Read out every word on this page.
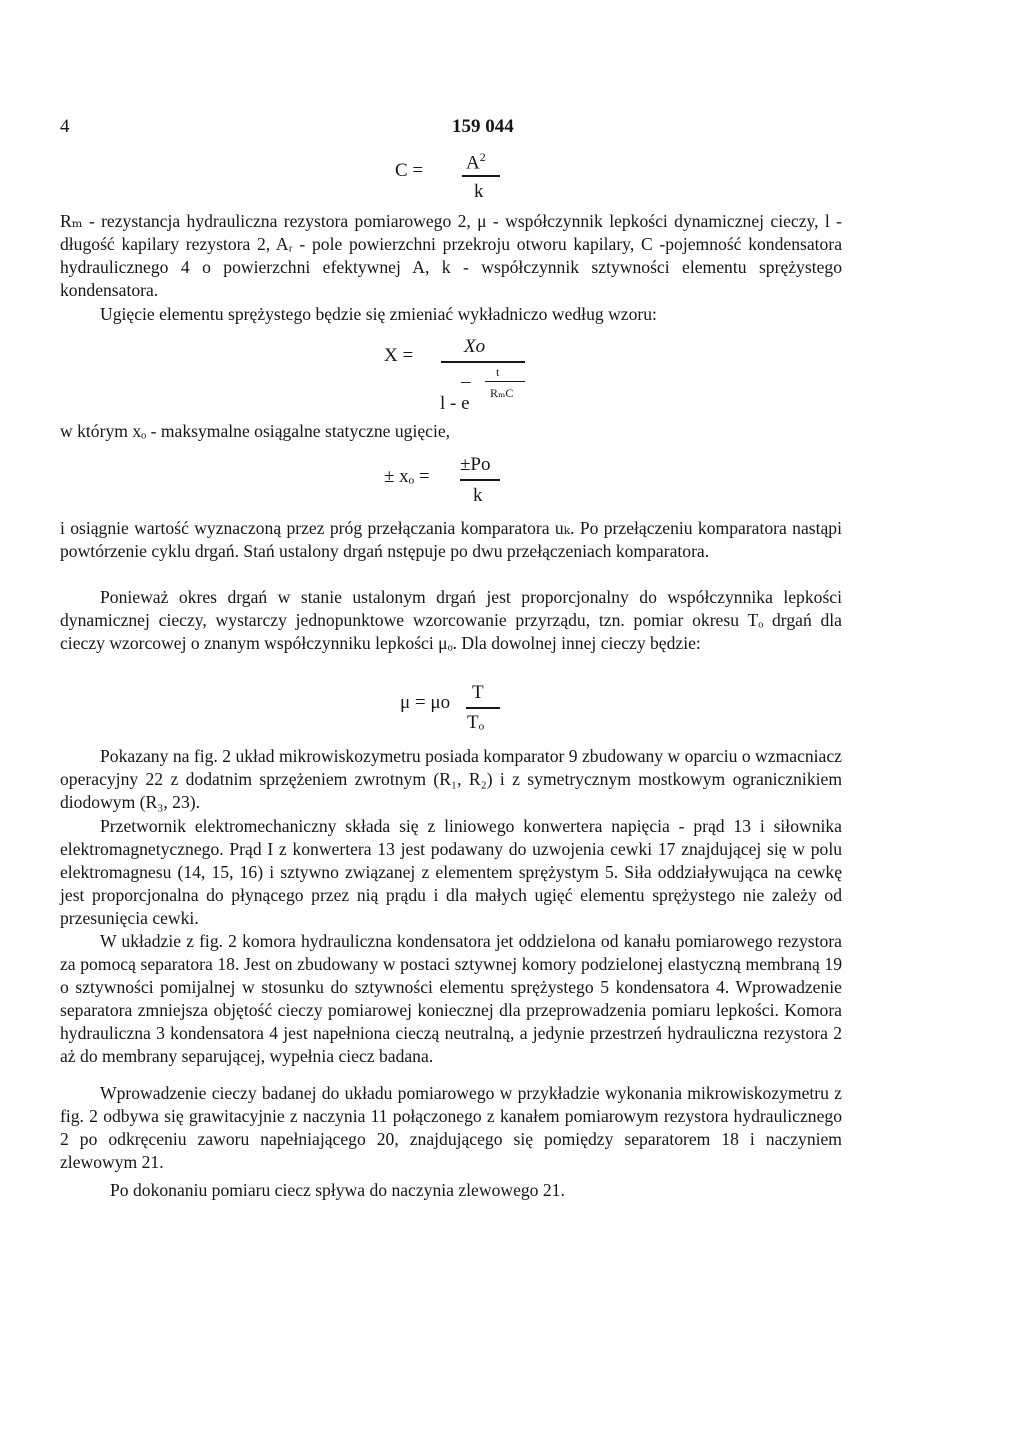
4	159 044
$C = A^2$
k

Rₘ - rezystancja hydrauliczna rezystora pomiarowego 2, μ - współczynnik lepkości dynamicznej cieczy, l - długość kapilary rezystora 2, Aᵣ - pole powierzchni przekroju otworu kapilary, C -pojemność kondensatora hydraulicznego 4 o powierzchni efektywnej A, k - współczynnik sztywności elementu sprężystego kondensatora.

Ugięcie elementu sprężystego będzie się zmieniać wykładniczo według wzoru:

X =	Xo
– t
RₘC
l - e
w którym xₒ - maksymalne osiągalne statyczne ugięcie,
± xₒ =
±Po
k

i osiągnie wartość wyznaczoną przez próg przełączania komparatora uₖ. Po przełączeniu komparatora nastąpi powtórzenie cyklu drgań. Stań ustalony drgań nstępuje po dwu przełączeniach komparatora.

Ponieważ okres drgań w stanie ustalonym drgań jest proporcjonalny do współczynnika lepkości dynamicznej cieczy, wystarczy jednopunktowe wzorcowanie przyrządu, tzn. pomiar okresu Tₒ drgań dla cieczy wzorcowej o znanym współczynniku lepkości μₒ. Dla dowolnej innej cieczy będzie:

μ = μo T
Tₒ

Pokazany na fig. 2 układ mikrowiskozymetru posiada komparator 9 zbudowany w oparciu o wzmacniacz operacyjny 22 z dodatnim sprzężeniem zwrotnym (R₁, R₂) i z symetrycznym mostkowym ogranicznikiem diodowym (R₃, 23).

Przetwornik elektromechaniczny składa się z liniowego konwertera napięcia - prąd 13 i siłownika elektromagnetycznego. Prąd I z konwertera 13 jest podawany do uzwojenia cewki 17 znajdującej się w polu elektromagnesu (14, 15, 16) i sztywno związanej z elementem sprężystym 5. Siła oddziaływująca na cewkę jest proporcjonalna do płynącego przez nią prądu i dla małych ugięć elementu sprężystego nie zależy od przesunięcia cewki.

W układzie z fig. 2 komora hydrauliczna kondensatora jet oddzielona od kanału pomiarowego rezystora za pomocą separatora 18. Jest on zbudowany w postaci sztywnej komory podzielonej elastyczną membraną 19 o sztywności pomijalnej w stosunku do sztywności elementu sprężystego 5 kondensatora 4. Wprowadzenie separatora zmniejsza objętość cieczy pomiarowej koniecznej dla przeprowadzenia pomiaru lepkości. Komora hydrauliczna 3 kondensatora 4 jest napełniona cieczą neutralną, a jedynie przestrzeń hydrauliczna rezystora 2 aż do membrany separującej, wypełnia ciecz badana.

Wprowadzenie cieczy badanej do układu pomiarowego w przykładzie wykonania mikrowiskozymetru z fig. 2 odbywa się grawitacyjnie z naczynia 11 połączonego z kanałem pomiarowym rezystora hydraulicznego 2 po odkręceniu zaworu napełniającego 20, znajdującego się pomiędzy separatorem 18 i naczyniem zlewowym 21.

Po dokonaniu pomiaru ciecz spływa do naczynia zlewowego 21.
